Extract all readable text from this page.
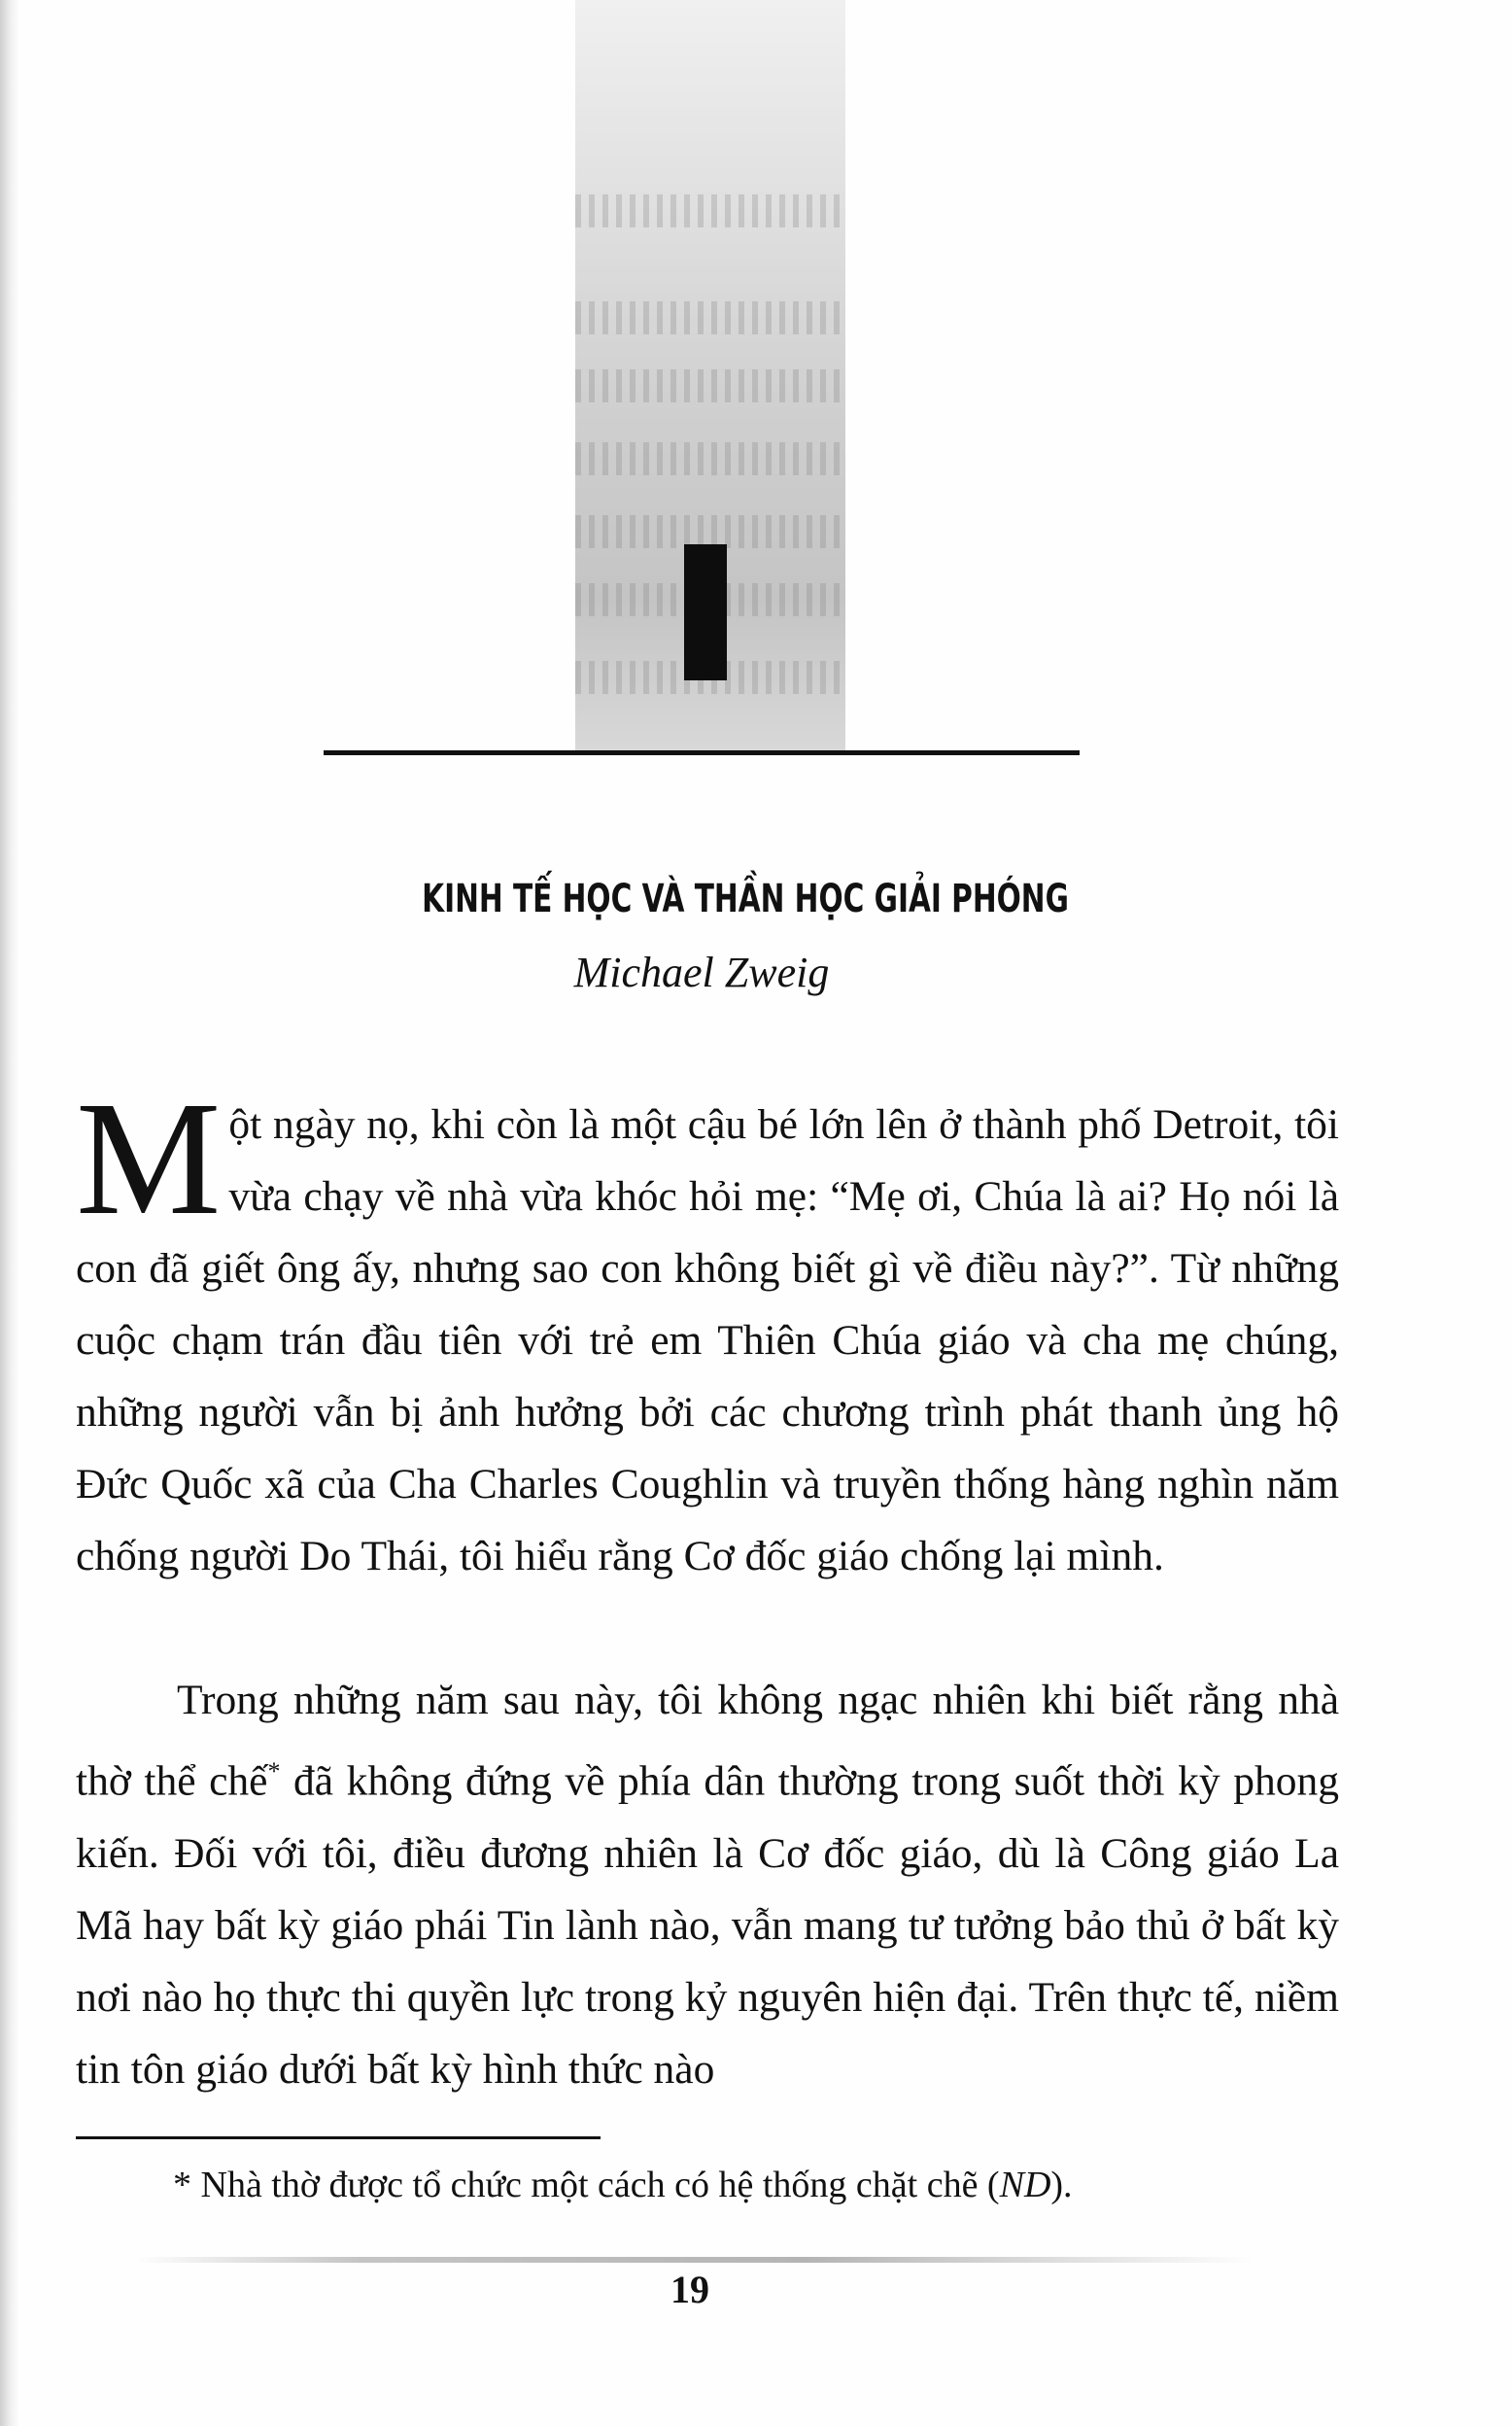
KINH TẾ HỌC VÀ THẦN HỌC GIẢI PHÓNG
Michael Zweig
Một ngày nọ, khi còn là một cậu bé lớn lên ở thành phố Detroit, tôi vừa chạy về nhà vừa khóc hỏi mẹ: “Mẹ ơi, Chúa là ai? Họ nói là con đã giết ông ấy, nhưng sao con không biết gì về điều này?”. Từ những cuộc chạm trán đầu tiên với trẻ em Thiên Chúa giáo và cha mẹ chúng, những người vẫn bị ảnh hưởng bởi các chương trình phát thanh ủng hộ Đức Quốc xã của Cha Charles Coughlin và truyền thống hàng nghìn năm chống người Do Thái, tôi hiểu rằng Cơ đốc giáo chống lại mình.
Trong những năm sau này, tôi không ngạc nhiên khi biết rằng nhà thờ thể chế* đã không đứng về phía dân thường trong suốt thời kỳ phong kiến. Đối với tôi, điều đương nhiên là Cơ đốc giáo, dù là Công giáo La Mã hay bất kỳ giáo phái Tin lành nào, vẫn mang tư tưởng bảo thủ ở bất kỳ nơi nào họ thực thi quyền lực trong kỷ nguyên hiện đại. Trên thực tế, niềm tin tôn giáo dưới bất kỳ hình thức nào
* Nhà thờ được tổ chức một cách có hệ thống chặt chẽ (ND).
19
